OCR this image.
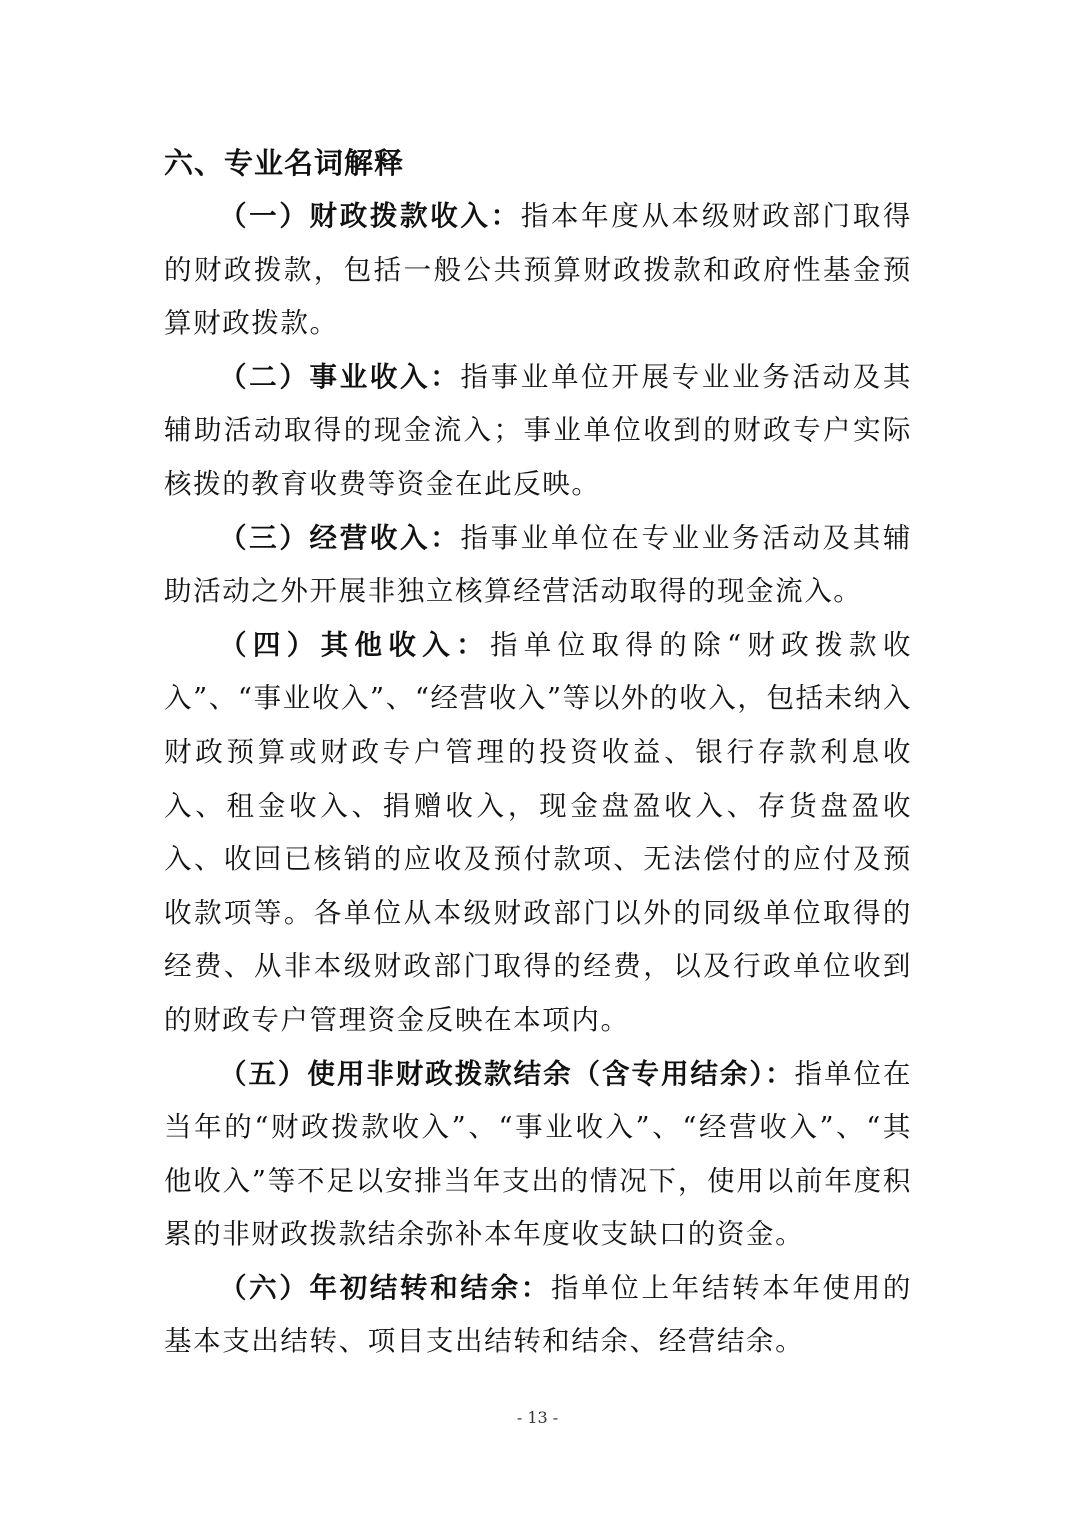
六、专业名词解释

（一）财政拨款收入：指本年度从本级财政部门取得的财政拨款，包括一般公共预算财政拨款和政府性基金预算财政拨款。

（二）事业收入：指事业单位开展专业业务活动及其辅助活动取得的现金流入；事业单位收到的财政专户实际核拨的教育收费等资金在此反映。

（三）经营收入：指事业单位在专业业务活动及其辅助活动之外开展非独立核算经营活动取得的现金流入。

（四）其他收入：指单位取得的除“财政拨款收入”、“事业收入”、“经营收入”等以外的收入，包括未纳入财政预算或财政专户管理的投资收益、银行存款利息收入、租金收入、捐赠收入，现金盘盈收入、存货盘盈收入、收回已核销的应收及预付款项、无法偿付的应付及预收款项等。各单位从本级财政部门以外的同级单位取得的经费、从非本级财政部门取得的经费，以及行政单位收到的财政专户管理资金反映在本项内。

（五）使用非财政拨款结余（含专用结余）：指单位在当年的“财政拨款收入”、“事业收入”、“经营收入”、“其他收入”等不足以安排当年支出的情况下，使用以前年度积累的非财政拨款结余弥补本年度收支缺口的资金。

（六）年初结转和结余：指单位上年结转本年使用的基本支出结转、项目支出结转和结余、经营结余。

- 13 -
